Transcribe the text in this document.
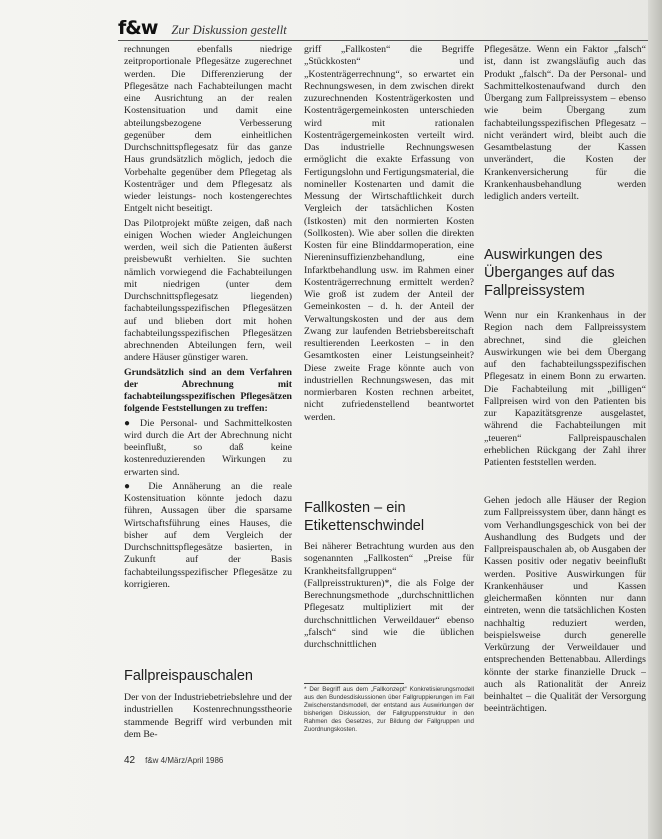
f&w Zur Diskussion gestellt

rechnungen ebenfalls niedrige zeitproportionale Pflegesätze zugerechnet werden. Die Differenzierung der Pflegesätze nach Fachabteilungen macht eine Ausrichtung an der realen Kostensituation und damit eine abteilungsbezogene Verbesserung gegenüber dem einheitlichen Durchschnittspflegesatz für das ganze Haus grundsätzlich möglich, jedoch die Vorbehalte gegenüber dem Pflegetag als Kostenträger und dem Pflegesatz als wieder leistungs- noch kostengerechtes Entgelt nicht beseitigt.

Das Pilotprojekt müßte zeigen, daß nach einigen Wochen wieder Angleichungen werden, weil sich die Patienten äußerst preisbewußt verhielten. Sie suchten nämlich vorwiegend die Fachabteilungen mit niedrigen (unter dem Durchschnittspflegesatz liegenden) fachabteilungsspezifischen Pflegesätzen auf und blieben dort mit hohen fachabteilungsspezifischen Pflegesätzen abrechnenden Abteilungen fern, weil andere Häuser günstiger waren.

Grundsätzlich sind an dem Verfahren der Abrechnung mit fachabteilungsspezifischen Pflegesätzen folgende Feststellungen zu treffen:

● Die Personal- und Sachmittelkosten wird durch die Art der Abrechnung nicht beeinflußt, so daß keine kostenreduzierenden Wirkungen zu erwarten sind.

● Die Annäherung an die reale Kostensituation könnte jedoch dazu führen, Aussagen über die sparsame Wirtschaftsführung eines Hauses, die bisher auf dem Vergleich der Durchschnittspflegesätze basierten, in Zukunft auf der Basis fachabteilungsspezifischer Pflegesätze zu korrigieren.

Fallpreispauschalen

Der von der Industriebetriebslehre und der industriellen Kostenrechnungsstheorie stammende Begriff wird verbunden mit dem Be-

griff „Fallkosten“ die Begriffe „Stückkosten“ und „Kostenträgerrechnung“, so erwartet ein Rechnungswesen, in dem zwischen direkt zuzurechnenden Kostenträgerkosten und Kostenträgergemeinkosten unterschieden wird mit rationalen Kostenträgergemeinkosten verteilt wird. Das industrielle Rechnungswesen ermöglicht die exakte Erfassung von Fertigungslohn und Fertigungsmaterial, die nomineller Kostenarten und damit die Messung der Wirtschaftlichkeit durch Vergleich der tatsächlichen Kosten (Istkosten) mit den normierten Kosten (Sollkosten). Wie aber sollen die direkten Kosten für eine Blinddarmoperation, eine Niereninsuffizienzbehandlung, eine Infarktbehandlung usw. im Rahmen einer Kostenträgerrechnung ermittelt werden? Wie groß ist zudem der Anteil der Gemeinkosten – d. h. der Anteil der Verwaltungskosten und der aus dem Zwang zur laufenden Betriebsbereitschaft resultierenden Leerkosten – in den Gesamtkosten einer Leistungseinheit? Diese zweite Frage könnte auch von industriellen Rechnungswesen, das mit normierbaren Kosten rechnen arbeitet, nicht zufriedenstellend beantwortet werden.

Fallkosten – ein Etikettenschwindel

Bei näherer Betrachtung wurden aus den sogenannten „Fallkosten“ „Preise für Krankheitsfallgruppen“ (Fallpreisstrukturen)*, die als Folge der Berechnungsmethode „durchschnittlichen Pflegesatz multipliziert mit der durchschnittlichen Verweildauer“ ebenso „falsch“ sind wie die üblichen durchschnittlichen

* Der Begriff aus dem „Fallkonzept“ Konkretisierungsmodell aus den Bundesdiskussionen über Fallgruppierungen im Fall Zwischenstandsmodell, der entstand aus Auswirkungen der bisherigen Diskussion, der Fallgruppenstruktur in den Rahmen des Gesetzes, zur Bildung der Fallgruppen und Zuordnungskosten.

Pflegesätze. Wenn ein Faktor „falsch“ ist, dann ist zwangsläufig auch das Produkt „falsch“. Da der Personal- und Sachmittelkostenaufwand durch den Übergang zum Fallpreissystem – ebenso wie beim Übergang zum fachabteilungsspezifischen Pflegesatz – nicht verändert wird, bleibt auch die Gesamtbelastung der Kassen unverändert, die Kosten der Krankenversicherung für die Krankenhausbehandlung werden lediglich anders verteilt.

Auswirkungen des Überganges auf das Fallpreissystem

Wenn nur ein Krankenhaus in der Region nach dem Fallpreissystem abrechnet, sind die gleichen Auswirkungen wie bei dem Übergang auf den fachabteilungsspezifischen Pflegesatz in einem Bonn zu erwarten. Die Fachabteilung mit „billigen“ Fallpreisen wird von den Patienten bis zur Kapazitätsgrenze ausgelastet, während die Fachabteilungen mit „teueren“ Fallpreispauschalen erheblichen Rückgang der Zahl ihrer Patienten feststellen werden.

Gehen jedoch alle Häuser der Region zum Fallpreissystem über, dann hängt es vom Verhandlungsgeschick von bei der Aushandlung des Budgets und der Fallpreispauschalen ab, ob Ausgaben der Kassen positiv oder negativ beeinflußt werden. Positive Auswirkungen für Krankenhäuser und Kassen gleichermaßen könnten nur dann eintreten, wenn die tatsächlichen Kosten nachhaltig reduziert werden, beispielsweise durch generelle Verkürzung der Verweildauer und entsprechenden Bettenabbau. Allerdings könnte der starke finanzielle Druck – auch als Rationalität der Anreiz beinhaltet – die Qualität der Versorgung beeinträchtigen.

42 f&w 4/März/April 1986
